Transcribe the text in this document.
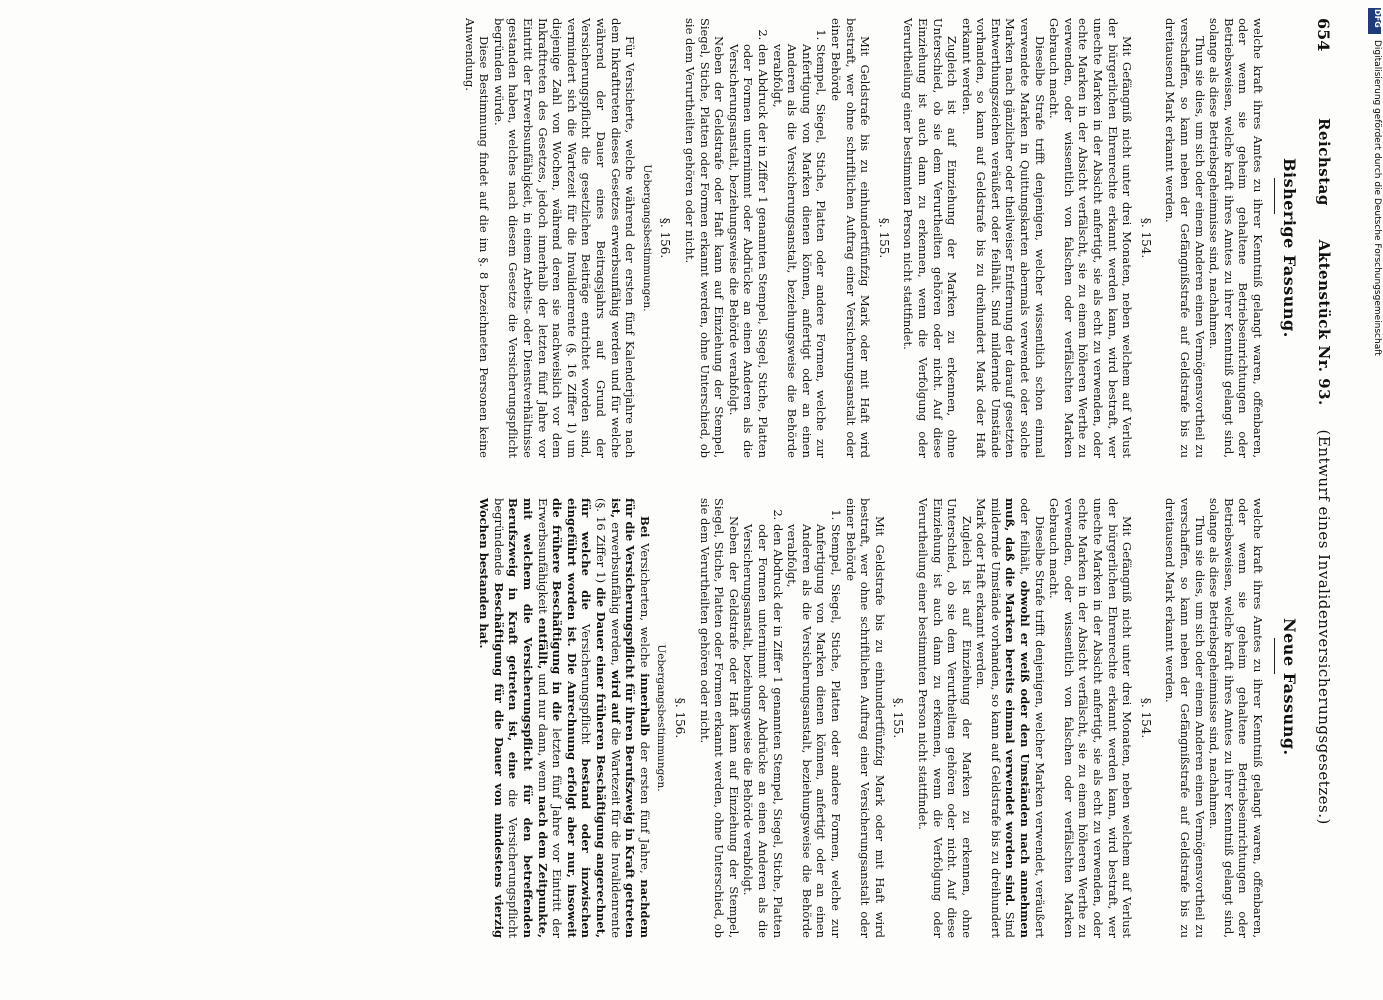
DFG
Digitalisierung gefördert durch die Deutsche Forschungsgemeinschaft
654
Reichstag Aktenstück Nr. 93. (Entwurf eines Invalidenversicherungsgesetzes.)
Bisherige Fassung.
Neue Fassung.

welche kraft ihres Amtes zu ihrer Kenntniß gelangt waren, offenbaren, oder wenn sie geheim gehaltene Betriebseinrichtungen oder Betriebsweisen, welche kraft ihres Amtes zu ihrer Kenntniß gelangt sind, solange als diese Betriebsgeheimnisse sind, nachahmen.

Thun sie dies, um sich oder einem Anderen einen Vermögensvortheil zu verschaffen, so kann neben der Gefängnißstrafe auf Geldstrafe bis zu dreitausend Mark erkannt werden.

§. 154.

Mit Gefängniß nicht unter drei Monaten, neben welchem auf Verlust der bürgerlichen Ehrenrechte erkannt werden kann, wird bestraft, wer unechte Marken in der Absicht anfertigt, sie als echt zu verwenden, oder echte Marken in der Absicht verfälscht, sie zu einem höheren Werthe zu verwenden, oder wissentlich von falschen oder verfälschten Marken Gebrauch macht.

Dieselbe Strafe trifft denjenigen, welcher wissentlich schon einmal verwendete Marken in Quittungskarten abermals verwendet oder solche Marken nach gänzlicher oder theilweiser Entfernung der darauf gesetzten Entwerthungszeichen veräußert oder feilhält. Sind mildernde Umstände vorhanden, so kann auf Geldstrafe bis zu dreihundert Mark oder Haft erkannt werden.

Zugleich ist auf Einziehung der Marken zu erkennen, ohne Unterschied, ob sie dem Verurtheilten gehören oder nicht. Auf diese Einziehung ist auch dann zu erkennen, wenn die Verfolgung oder Verurtheilung einer bestimmten Person nicht stattfindet.

§. 155.

Mit Geldstrafe bis zu einhundertfünfzig Mark oder mit Haft wird bestraft, wer ohne schriftlichen Auftrag einer Versicherungsanstalt oder einer Behörde

1. Stempel, Siegel, Stiche, Platten oder andere Formen, welche zur Anfertigung von Marken dienen können, anfertigt oder an einen Anderen als die Versicherungsanstalt, beziehungsweise die Behörde verabfolgt,
2. den Abdruck der in Ziffer 1 genannten Stempel, Siegel, Stiche, Platten oder Formen unternimmt oder Abdrücke an einen Anderen als die Versicherungsanstalt, beziehungsweise die Behörde verabfolgt.

Neben der Geldstrafe oder Haft kann auf Einziehung der Stempel, Siegel, Stiche, Platten oder Formen erkannt werden, ohne Unterschied, ob sie dem Verurtheilten gehören oder nicht.

§. 156.
Uebergangsbestimmungen.

Für Versicherte, welche während der ersten fünf Kalenderjahre nach dem Inkrafttreten dieses Gesetzes erwerbsunfähig werden und für welche während der Dauer eines Beitragsjahrs auf Grund der Versicherungspflicht die gesetzlichen Beiträge entrichtet worden sind, vermindert sich die Wartezeit für die Invalidenrente (§. 16 Ziffer 1) um diejenige Zahl von Wochen, während deren sie nachweislich vor dem Inkrafttreten des Gesetzes, jedoch innerhalb der letzten fünf Jahre vor Eintritt der Erwerbsunfähigkeit, in einem Arbeits- oder Dienstverhältnisse gestanden haben, welches nach diesem Gesetze die Versicherungspflicht begründen würde.

Diese Bestimmung findet auf die im §. 8 bezeichneten Personen keine Anwendung.

welche kraft ihres Amtes zu ihrer Kenntniß gelangt waren, offenbaren, oder wenn sie geheim gehaltene Betriebseinrichtungen oder Betriebsweisen, welche kraft ihres Amtes zu ihrer Kenntniß gelangt sind, solange als diese Betriebsgeheimnisse sind, nachahmen.

Thun sie dies, um sich oder einem Anderen einen Vermögensvortheil zu verschaffen, so kann neben der Gefängnißstrafe auf Geldstrafe bis zu dreitausend Mark erkannt werden.

§. 154.

Mit Gefängniß nicht unter drei Monaten, neben welchem auf Verlust der bürgerlichen Ehrenrechte erkannt werden kann, wird bestraft, wer unechte Marken in der Absicht anfertigt, sie als echt zu verwenden, oder echte Marken in der Absicht verfälscht, sie zu einem höheren Werthe zu verwenden, oder wissentlich von falschen oder verfälschten Marken Gebrauch macht.

Dieselbe Strafe trifft denjenigen, welcher Marken verwendet, veräußert oder feilhält, obwohl er weiß oder den Umständen nach annehmen muß, daß die Marken bereits einmal verwendet worden sind. Sind mildernde Umstände vorhanden, so kann auf Geldstrafe bis zu dreihundert Mark oder Haft erkannt werden.

Zugleich ist auf Einziehung der Marken zu erkennen, ohne Unterschied, ob sie dem Verurtheilten gehören oder nicht. Auf diese Einziehung ist auch dann zu erkennen, wenn die Verfolgung oder Verurtheilung einer bestimmten Person nicht stattfindet.

§. 155.

Mit Geldstrafe bis zu einhundertfünfzig Mark oder mit Haft wird bestraft, wer ohne schriftlichen Auftrag einer Versicherungsanstalt oder einer Behörde

1. Stempel, Siegel, Stiche, Platten oder andere Formen, welche zur Anfertigung von Marken dienen können, anfertigt oder an einen Anderen als die Versicherungsanstalt, beziehungsweise die Behörde verabfolgt,
2. den Abdruck der in Ziffer 1 genannten Stempel, Siegel, Stiche, Platten oder Formen unternimmt oder Abdrücke an einen Anderen als die Versicherungsanstalt, beziehungsweise die Behörde verabfolgt.

Neben der Geldstrafe oder Haft kann auf Einziehung der Stempel, Siegel, Stiche, Platten oder Formen erkannt werden, ohne Unterschied, ob sie dem Verurtheilten gehören oder nicht.

§. 156.
Uebergangsbestimmungen.

Bei Versicherten, welche innerhalb der ersten fünf Jahre, nachdem für die Versicherungspflicht für ihren Berufszweig in Kraft getreten ist, erwerbsunfähig werden, wird auf die Wartezeit für die Invalidenrente (§. 16 Ziffer 1) die Dauer einer früheren Beschäftigung angerechnet, für welche die Versicherungspflicht bestand oder inzwischen eingeführt worden ist. Die Anrechnung erfolgt aber nur, insoweit die frühere Beschäftigung in die letzten fünf Jahre vor Eintritt der Erwerbsunfähigkeit entfällt, und nur dann, wenn nach dem Zeitpunkte, mit welchem die Versicherungspflicht für den betreffenden Berufszweig in Kraft getreten ist, eine die Versicherungspflicht begründende Beschäftigung für die Dauer von mindestens vierzig Wochen bestanden hat.
